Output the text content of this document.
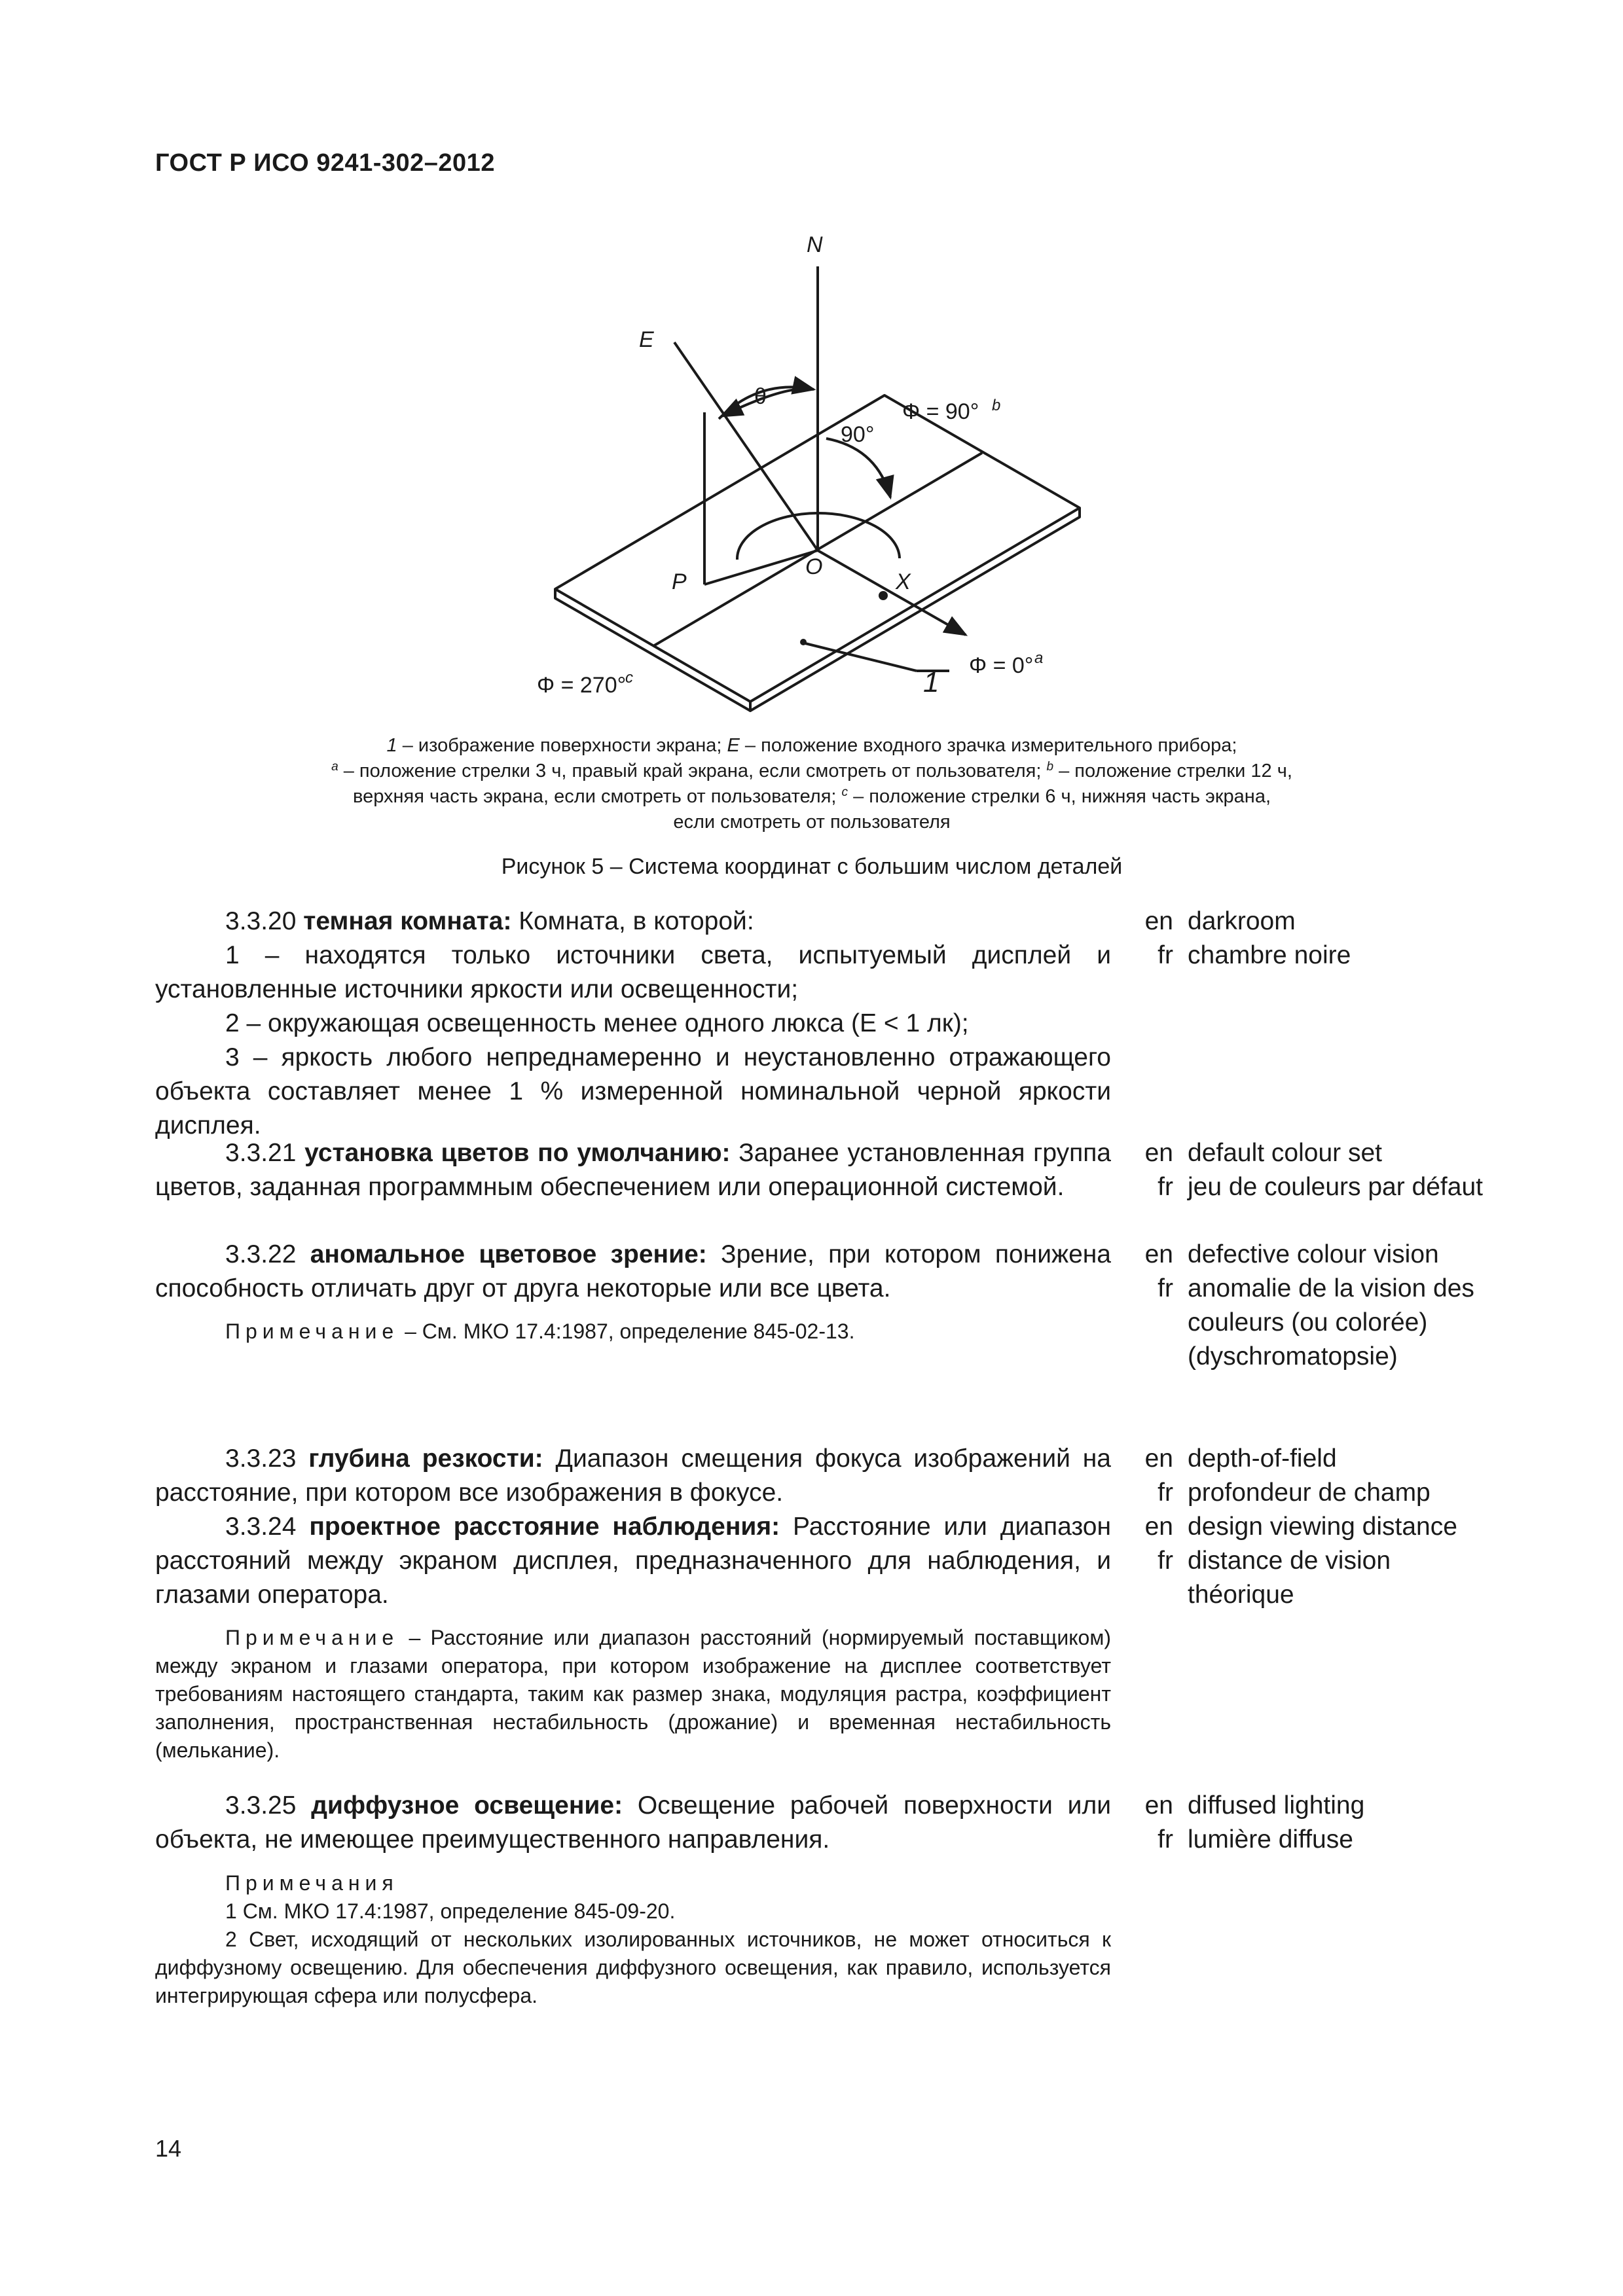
ГОСТ Р ИСО 9241-302–2012
N
E
θ
90°
Φ = 90° b
O
P	X
Φ = 0° a
Φ = 270°
c	1
1 – изображение поверхности экрана; E – положение входного зрачка измерительного прибора;
$^a$ – положение стрелки 3 ч, правый край экрана, если смотреть от пользователя; $^b$ – положение стрелки 12 ч,
верхняя часть экрана, если смотреть от пользователя; $^c$ – положение стрелки 6 ч, нижняя часть экрана,
если смотреть от пользователя
Рисунок 5 – Система координат с большим числом деталей

3.3.20 темная комната: Комната, в которой:

1 – находятся только источники света, испытуемый дисплей и установленные источники яркости или освещенности;

2 – окружающая освещенность менее одного люкса (E < 1 лк);

3 – яркость любого непреднамеренно и неустановленно отражающего объекта составляет менее 1 % измеренной номинальной черной яркости дисплея.

en darkroom
fr chambre noire

3.3.21 установка цветов по умолчанию: Заранее установленная группа цветов, заданная программным обеспечением или операционной системой.

en default colour set
fr jeu de couleurs par défaut

3.3.22 аномальное цветовое зрение: Зрение, при котором понижена способность отличать друг от друга некоторые или все цвета.

Примечание – См. МКО 17.4:1987, определение 845-02-13.

en defective colour vision
fr anomalie de la vision des couleurs (ou colorée) (dyschromatopsie)

3.3.23 глубина резкости: Диапазон смещения фокуса изображений на расстояние, при котором все изображения в фокусе.

en depth-of-field
fr profondeur de champ

3.3.24 проектное расстояние наблюдения: Расстояние или диапазон расстояний между экраном дисплея, предназначенного для наблюдения, и глазами оператора.

Примечание – Расстояние или диапазон расстояний (нормируемый поставщиком) между экраном и глазами оператора, при котором изображение на дисплее соответствует требованиям настоящего стандарта, таким как размер знака, модуляция растра, коэффициент заполнения, пространственная нестабильность (дрожание) и временная нестабильность (мелькание).

en design viewing distance
fr distance de vision théorique

3.3.25 диффузное освещение: Освещение рабочей поверхности или объекта, не имеющее преимущественного направления.

Примечания

1 См. МКО 17.4:1987, определение 845-09-20.

2 Свет, исходящий от нескольких изолированных источников, не может относиться к диффузному освещению. Для обеспечения диффузного освещения, как правило, используется интегрирующая сфера или полусфера.

en diffused lighting
fr lumière diffuse
14
